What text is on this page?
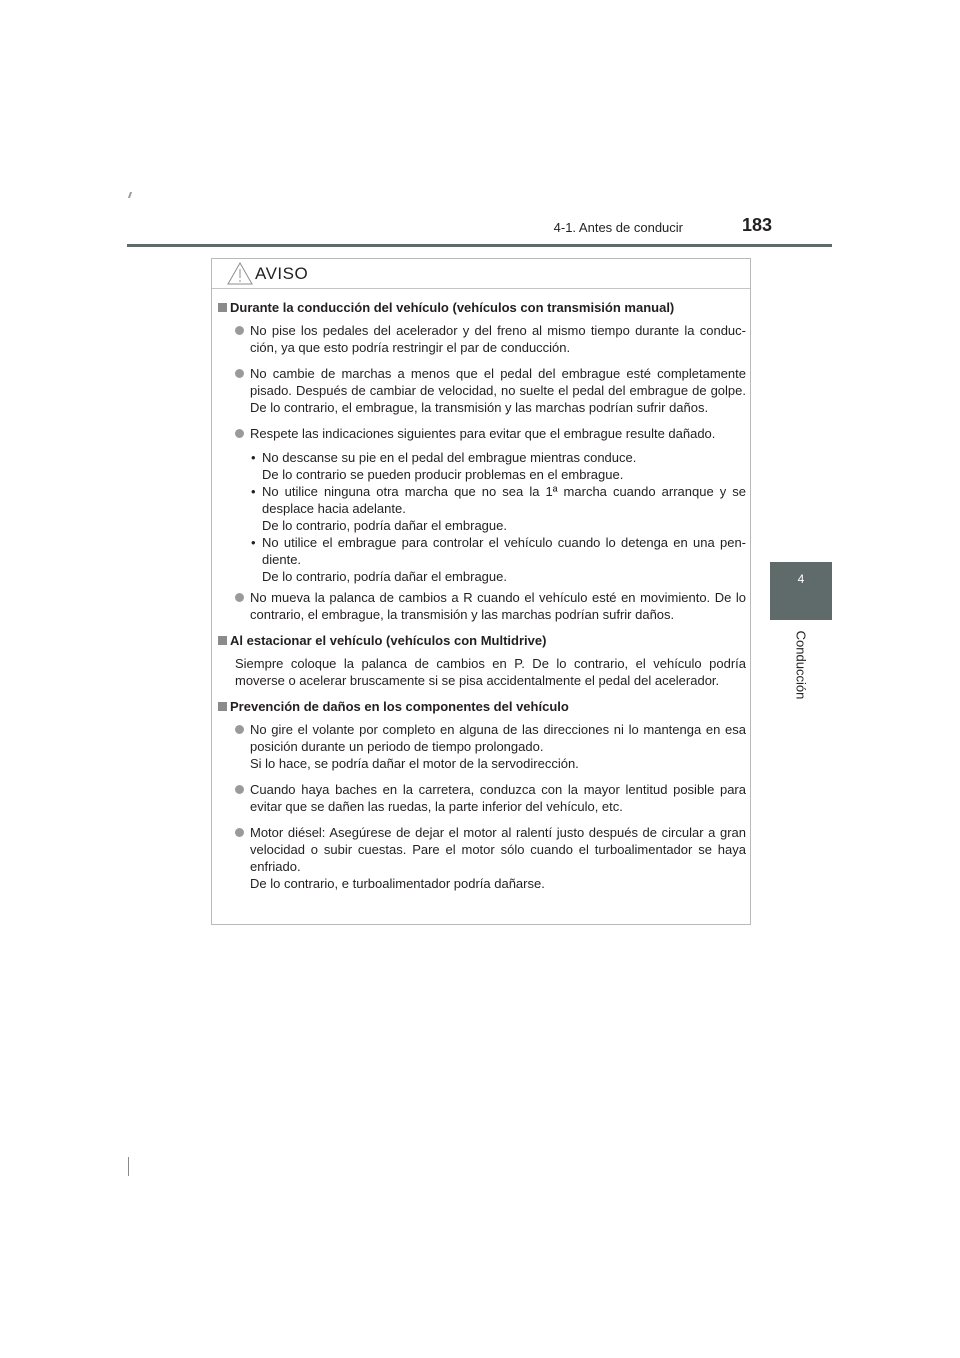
4-1. Antes de conducir	183
4
Conducción
AVISO
Durante la conducción del vehículo (vehículos con transmisión manual)
No pise los pedales del acelerador y del freno al mismo tiempo durante la conduc-ción, ya que esto podría restringir el par de conducción.
No cambie de marchas a menos que el pedal del embrague esté completamente pisado. Después de cambiar de velocidad, no suelte el pedal del embrague de golpe. De lo contrario, el embrague, la transmisión y las marchas podrían sufrir daños.
Respete las indicaciones siguientes para evitar que el embrague resulte dañado.
• No descanse su pie en el pedal del embrague mientras conduce.
De lo contrario se pueden producir problemas en el embrague.
• No utilice ninguna otra marcha que no sea la 1ª marcha cuando arranque y se desplace hacia adelante.
De lo contrario, podría dañar el embrague.
• No utilice el embrague para controlar el vehículo cuando lo detenga en una pen-diente.
De lo contrario, podría dañar el embrague.
No mueva la palanca de cambios a R cuando el vehículo esté en movimiento. De lo contrario, el embrague, la transmisión y las marchas podrían sufrir daños.
Al estacionar el vehículo (vehículos con Multidrive)
Siempre coloque la palanca de cambios en P. De lo contrario, el vehículo podría moverse o acelerar bruscamente si se pisa accidentalmente el pedal del acelerador.
Prevención de daños en los componentes del vehículo
No gire el volante por completo en alguna de las direcciones ni lo mantenga en esa posición durante un periodo de tiempo prolongado.
Si lo hace, se podría dañar el motor de la servodirección.
Cuando haya baches en la carretera, conduzca con la mayor lentitud posible para evitar que se dañen las ruedas, la parte inferior del vehículo, etc.
Motor diésel: Asegúrese de dejar el motor al ralentí justo después de circular a gran velocidad o subir cuestas. Pare el motor sólo cuando el turboalimentador se haya enfriado.
De lo contrario, e turboalimentador podría dañarse.
